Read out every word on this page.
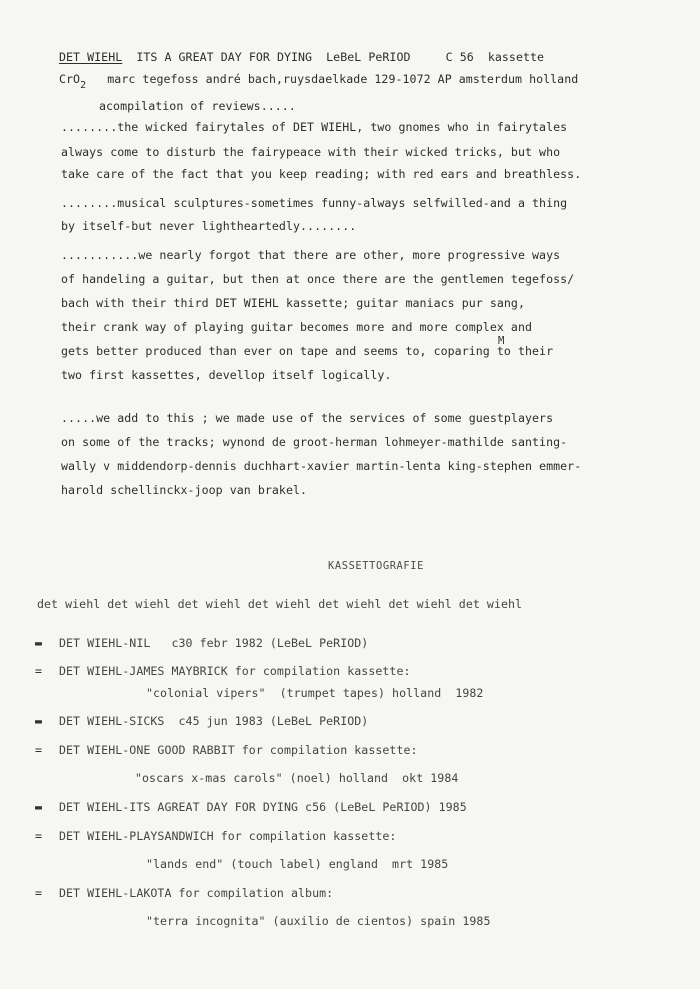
DET WIEHL  ITS A GREAT DAY FOR DYING  LeBeL PeRIOD     C 56  kassette
CrO2   marc tegefoss andré bach,ruysdaelkade 129-1072 AP amsterdum holland
acompilation of reviews.....
........the wicked fairytales of DET WIEHL, two gnomes who in fairytales
always come to disturb the fairypeace with their wicked tricks, but who
take care of the fact that you keep reading; with red ears and breathless.
........musical sculptures-sometimes funny-always selfwilled-and a thing
by itself-but never lightheartedly........
...........we nearly forgot that there are other, more progressive ways
of handeling a guitar, but then at once there are the gentlemen tegefoss/
bach with their third DET WIEHL kassette; guitar maniacs pur sang,
their crank way of playing guitar becomes more and more complex and
M
gets better produced than ever on tape and seems to, coparing to their
two first kassettes, devellop itself logically.
.....we add to this ; we made use of the services of some guestplayers
on some of the tracks; wynond de groot-herman lohmeyer-mathilde santing-
wally v middendorp-dennis duchhart-xavier martin-lenta king-stephen emmer-
harold schellinckx-joop van brakel.
KASSETTOGRAFIE
det wiehl det wiehl det wiehl det wiehl det wiehl det wiehl det wiehl
▬ DET WIEHL-NIL   c30 febr 1982 (LeBeL PeRIOD)
= DET WIEHL-JAMES MAYBRICK for compilation kassette:
"colonial vipers"  (trumpet tapes) holland  1982
▬ DET WIEHL-SICKS  c45 jun 1983 (LeBeL PeRIOD)
= DET WIEHL-ONE GOOD RABBIT for compilation kassette:
"oscars x-mas carols" (noel) holland  okt 1984
▬ DET WIEHL-ITS AGREAT DAY FOR DYING c56 (LeBeL PeRIOD) 1985
= DET WIEHL-PLAYSANDWICH for compilation kassette:
"lands end" (touch label) england  mrt 1985
= DET WIEHL-LAKOTA for compilation album:
"terra incognita" (auxilio de cientos) spain 1985
